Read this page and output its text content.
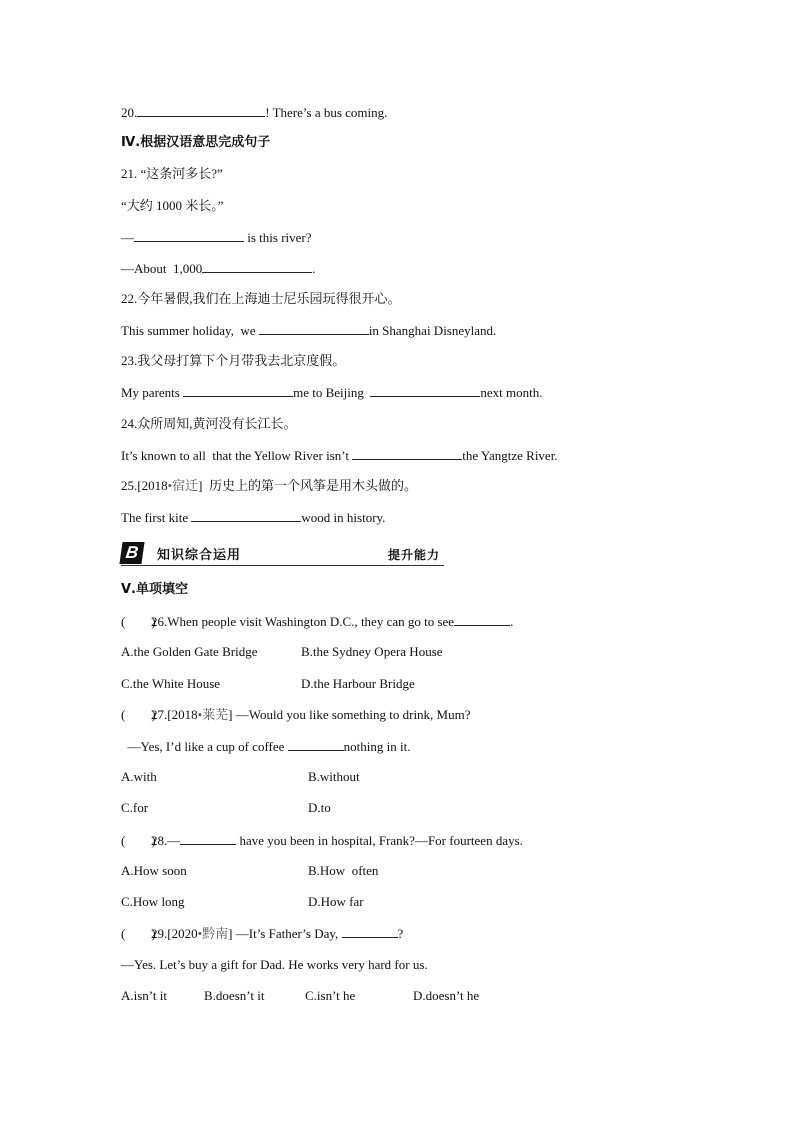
20.	! There’s a bus coming.
Ⅳ.根据汉语意思完成句子
21. “这条河多长?”
“大约 1000 米长。”
—	is this river?
—About  1,000	.
22.今年暑假,我们在上海迪士尼乐园玩得很开心。
This summer holiday,  we	in Shanghai Disneyland.
23.我父母打算下个月带我去北京度假。
My parents	me to Beijing	next month.
24.众所周知,黄河没有长江长。
It’s known to all  that the Yellow River isn’t	the Yangtze River.
25.[2018•宿迁]  历史上的第一个风筝是用木头做的。
The first kite	wood in history.
B	知识综合运用	提升能力
Ⅴ.单项填空
(        )26.When people visit Washington D.C., they can go to see	.
A.the Golden Gate Bridge	B.the Sydney Opera House
C.the White House	D.the Harbour Bridge
(        )27.[2018•莱芜] —Would you like something to drink, Mum?
—Yes, I’d like a cup of coffee	nothing in it.
A.with	B.without
C.for	D.to
(        )28.—	have you been in hospital, Frank?—For fourteen days.
A.How soon	B.How  often
C.How long	D.How far
(        )29.[2020•黔南] —It’s Father’s Day,	?
—Yes. Let’s buy a gift for Dad. He works very hard for us.
A.isn’t it	B.doesn’t it	C.isn’t he	D.doesn’t he
